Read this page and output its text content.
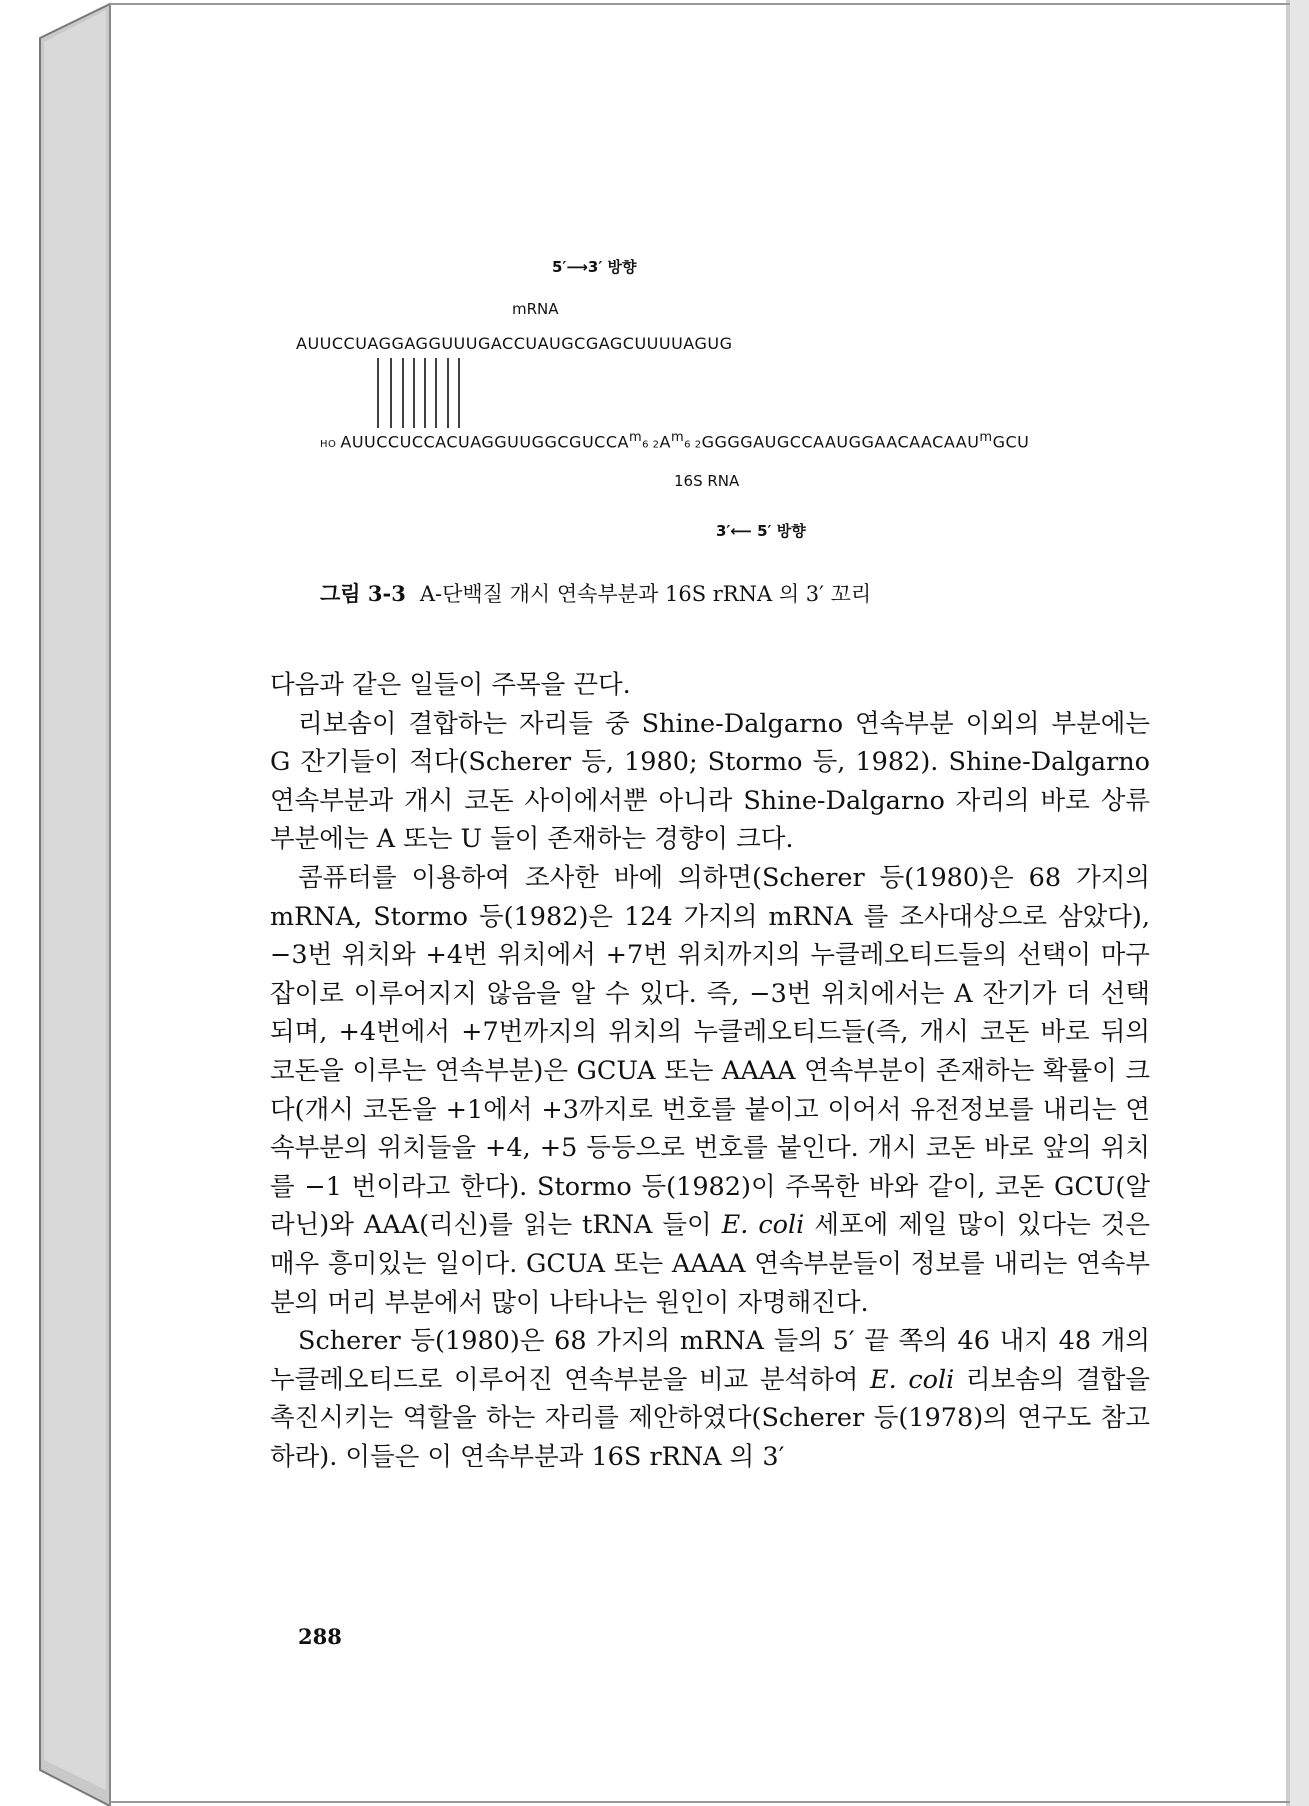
5′⟶3′ 방향
mRNA
AUUCCUAGGAGGUUUGACCUAUGCGAGCUUUUAGUG
HO AUUCCUCCACUAGGUUGGCGUCCA$^m$6 $2A^m6$ 2GGGGAUGCCAAUGGAACAACAAU$^m$GCU
16S RNA
3′⟵ 5′ 방향
그림 3-3 A-단백질 개시 연속부분과 16S rRNA 의 3′ 꼬리

다음과 같은 일들이 주목을 끈다.

리보솜이 결합하는 자리들 중 Shine-Dalgarno 연속부분 이외의 부분에는 G 잔기들이 적다(Scherer 등, 1980; Stormo 등, 1982). Shine-Dalgarno 연속부분과 개시 코돈 사이에서뿐 아니라 Shine-Dalgarno 자리의 바로 상류 부분에는 A 또는 U 들이 존재하는 경향이 크다.

콤퓨터를 이용하여 조사한 바에 의하면(Scherer 등(1980)은 68 가지의 mRNA, Stormo 등(1982)은 124 가지의 mRNA 를 조사대상으로 삼았다), −3번 위치와 +4번 위치에서 +7번 위치까지의 누클레오티드들의 선택이 마구잡이로 이루어지지 않음을 알 수 있다. 즉, −3번 위치에서는 A 잔기가 더 선택되며, +4번에서 +7번까지의 위치의 누클레오티드들(즉, 개시 코돈 바로 뒤의 코돈을 이루는 연속부분)은 GCUA 또는 AAAA 연속부분이 존재하는 확률이 크다(개시 코돈을 +1에서 +3까지로 번호를 붙이고 이어서 유전정보를 내리는 연속부분의 위치들을 +4, +5 등등으로 번호를 붙인다. 개시 코돈 바로 앞의 위치를 −1 번이라고 한다). Stormo 등(1982)이 주목한 바와 같이, 코돈 GCU(알라닌)와 AAA(리신)를 읽는 tRNA 들이 E. coli 세포에 제일 많이 있다는 것은 매우 흥미있는 일이다. GCUA 또는 AAAA 연속부분들이 정보를 내리는 연속부분의 머리 부분에서 많이 나타나는 원인이 자명해진다.

Scherer 등(1980)은 68 가지의 mRNA 들의 5′ 끝 쪽의 46 내지 48 개의 누클레오티드로 이루어진 연속부분을 비교 분석하여 E. coli 리보솜의 결합을 촉진시키는 역할을 하는 자리를 제안하였다(Scherer 등(1978)의 연구도 참고하라). 이들은 이 연속부분과 16S rRNA 의 3′

288
